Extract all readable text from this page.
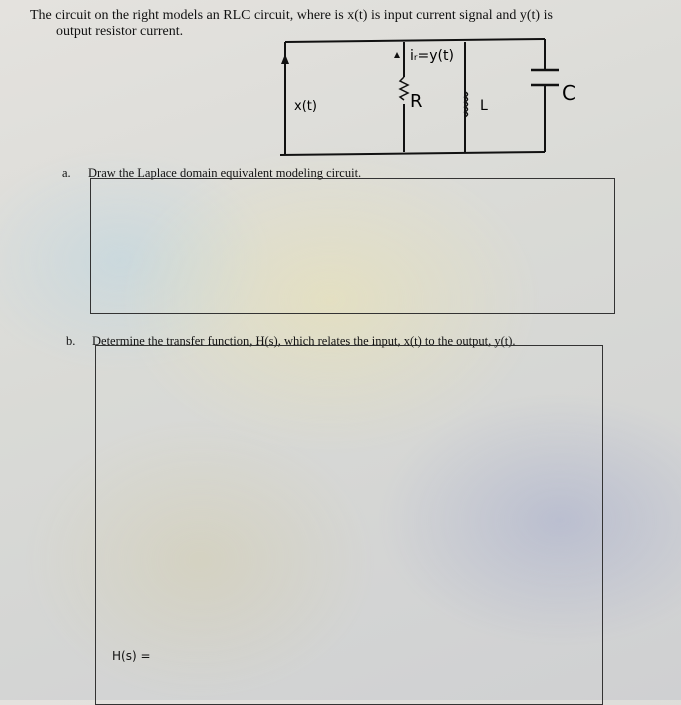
The circuit on the right models an RLC circuit, where is x(t) is input current signal and y(t) is
output resistor current.
x(t)
iᵣ=y(t)
R	L
C
a. Draw the Laplace domain equivalent modeling circuit.
b. Determine the transfer function, H(s), which relates the input, x(t) to the output, y(t).
H(s) =
